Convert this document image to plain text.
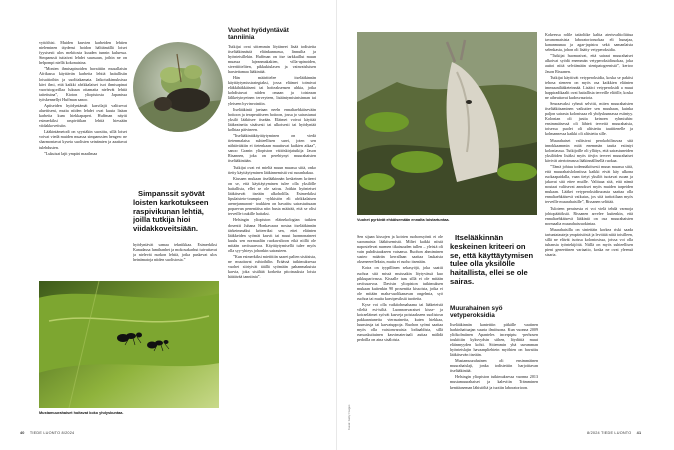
vyttöihisi. Muiden kasvien karheiden lehtien nieleminen täydensi hoidon hälttämällä loiset fyysisesti ulos mekitosta kuuden tunnin kuluessa. Simpanssit tuttaivat lehdet suussaan, joihin ne on helpompi niellä kokonaisina.

”Monien ihmisapinoiden havaittiin musallaisin Afrikassa käyttävän karheita lehtiä haitallisiin loisaitioihin ja suolitakamata. Jatkotutkimuksissa kävi ilmi, että kaikki afrikkalaiset isot ihmisapinat vuoristogorillaa lukuun ottamatta nielevät lehtiä taitettuina”, Kioton yliopistosta Japanissa työskennellyt Huffman sanoo.

Aptiseiden hyödyntämät kasvilajit valitsevat aluettiseni, mutta niiden lehdet ovat kuuta lisäan karheita kum hiekkapaperi. Huffman näytti esimerkiksi raspivitikan lehtiä hiessään viidakkoveitsiin.

Lääkintämetodi on syystäkin suosittu, sillä loiset voivat viedä muiden muassa simpanssien hengen: ne sharmontavat kyseia suolisten seinämien ja aaattavat tulehdusten.

”Lukuisat lajit ympäri maailmaa

Simpanssit syövät loisten karkotukseen raspivikunan lehtiä, joilla tutkija hioi viidakkoveitsiään.

hyödyntävät samaa tekniikkaa. Esimerkiksi Kanadassa lumihanhet ja mokosakarhut tuivuttavat ja nielevät nurkon lehtiä, jotka puskevat ulos heinämatoja niiden suolistosta.”

Vuohet hyödyntävät tanniinia

Tutkijat ovat sittemmin löytäneet lisää todisteita itselääkinnästä eläinkunnassa, linnuilta ja hyönteisillekin. Huffman on itse tarkkaillut muun muassa lajeanmakakien, villa-apinoiden, sivertiitteliten, pikkukiulasen ja vainvaisluisen harstettamaa lääkintää.

Hän määrittelee itselääkinnän käyttäytymisstrategiaksi, jossa eläimet toimivat eläkkihäkkäiseni tai hoiteaksensen uhkia, jotka kohdistuvat niiden omaan ja toisteaan läliketyinyeinen terveyteen, lisääntymisintsinnan tai yleiseen hyvinvointiin.

Itselääkintä jaetaan neeln ennaltaehkäisevään hoitoon ja terapeuttiseen hoitoon, jossa jo sairastunut yksilö lääkitsee itseään. Eläimet voivat käyttää lääkeaineita sisäisesti tai ulkoisesti tai hyödyntää kolhtaa päivineen.

”Itselääkintäkäyttäytyminen on viedä tietenmalaisa suhteellisen sarei, joten sen nähtäväätiin ei tietenkaan muuttuvat kaikien aikaa”, sanoo Granin yliopiston väitöskirjatutkija Jason Risannen, joka on perehtynyt muurahaisten itselääkintään.

Tutkijat ovat eri mieltä muun muassa siitä, onko tietty käyttäytyminen lääkinnemistä vai ruoanhakua.

Kiusaen mukaan itselääkinnän keskeinen kriteeri on se, että käyttäytyminen tulee olla yksilölle haitallista, ellei se ole sairas. Joitkin hyönteiset lääkitsevät itseään alkoholilla. Esimerkiksi lipulaisteto-toumpia -ryhkistön eli afrikkalaisen arenejannaroni- toukkien on havaittu sairastuttuaan popaevan penentäisa niin busta määrää, että se olisi terveille toukille haitaksi.

Helsingin yliopiston eläinekologian tutkien dosentti Juhana Honkavaara nostaa itselääkinnän tärkeimmäksi kriteeriksi sen, ettei eläinten lääkkeiden syömät kasvit tai muut luonnonaineet kuulu sen normaaliin ruokavalioon eikä niillä ole mitään ravitsuarvoa. Käyttäytymisellä tulee myös olla syy-yhteys johonkin sairauteen.

”Kun esimerkiksi mietittiin saaret palien sisäisista, ne muuttavat ruhtoihilin. Eräässä tutkimuksessa vuohet siirtyivät täällä syömään pahanmakuista karvia, joka sisältää korkeita pitoisuuksia loisia häätävää tanniinia”.

Mustamuurahaiset hoitavat koko yhdyskuntaa.
40 TIEDE LUONTO 8/2024
Vuohet pyrkivät ehkäisemään ennalta loistartuntaa.
Kuvat: Getty Images

Sen sijaan kissojen ja koirien ruohonsyönti ei ole suoranaista lääkitsemistä. Miltei kaikki niistä napostelevat nurmen tikaisuuden tullen – yleistä oli vain puhdistaakseen vatsansa. Ruohon ahmiminen susteo määrän kerrallaan saattaa laukaista okseneerefleksin, mutta ei ruoho itsenään.

Koira on tyypillinen sekasyöjä, joka saattii ruohoa sitä missä muissakin löytyvässä kuo pikkuparivassa. Kissalle taas sillä ei ole mitään ravitsuarvoa. Davisin yliopiston tutkimuksen mukaan kuitenkin 90 prosenttia kissoista, jotka ei ole mitään maha-suolikanavan ongelmia, syö ruohoa tai muita kasvipesiksiä tuotteita.

Kyse voi olla vaiktiohmahaana tai lääketeistä vileltä esi-isiltä. Luonnonvaraiset kisse- ja koiraeläimet syövät kasveja poistaakseen suolistosn pakkaantuneita vierasaineita, kuten hiekkaa, luunsiruja tai karvatuppoja. Ruohon syömi saattaa myös olla vaistonvaraista lodtaablista, sillä runsaskuituinen kasvimateriaali auttaa mälidä pedoilla on aina sisäloisia.

Itselääkinnän keskeinen kriteeri on se, että käyttäytymisen tulee olla yksilölle haitallista, ellei se ole sairas.

Muurahainen syö vetyperoksidia

Itselääkinnän kantettiin pitkälle vaatinen harkinhattuajan suurta ilmiöuona. Kun vuonna 2009 yliökolmiinen Apanteles incerpiptu -perhosen toukittiin kyksvydsin siihen, löydittiä muut eläinmyyden kohti. Sittemmin yhä useamman hyönteislajin havaanpliehtein myöhien on havaittu lääkitsevän itseään.

Mustamuurahainen oli ensimmäinen muurahaislaji, jonka todistettiin harjoittavan itselääkintää.

Helsingin yliopiston tutkimuksessa vuonna 2013 mustamuurahaiset ja kalevitin Trämminen kenttäaseman lähistöltä ja tuotiin laboratorioon.

Kokeessa rolile tatäoltike kaltta aterisvaltioliittua tavanomaisista laboratorioruokaa eli hunajaa, kananmunaa ja agar-japistru sekä samanlaista selenkasta, johon oli lisätty vetyperoksidia.

”Tutkijat huomasivat, että sairaat muurahaiset alkoivat syödä enemmän vetyperoksidiruokaa, joka auttoi niitä selviämään sienipatogeenistä”, kertoo Jason Rissanen.

Tutkijat käyttivät vetyperoksidia, koska se pakitsi tehosa sieneen on myös osa kaikkien eläinten immuunilääketeinnää. Lisääci vetyperoksidi a muut happiradikaalit ovat haitallisia terveille eliöille, koska ne aiheuttavat kudosvauriota.

Seuraavaksi ryhmä selvitti, miten muurahaisten itselääkitsaminen vaikuttee sen muuhaan, kuinka paljon sairasta kolonissaa eli yhdyskunnassa esiintyy. Kolonian oli justta keinoen ryhmiuhin: ensimmäisessä oli lähteä terveitä muurahaisia, toisessa puolet oli altistettu tautitienelle ja kolmannessa kaikki oli altistettu sille.

Muurahaiset valitsivat perokobilisuvaa sitä innokkaammin mitä enemmän tautia esiintyi koloniasssa. Tutkijoille oli yllätys, että sairastuneiden yksilöiden lisäksi myös tövjin terveet muurahaiset kävivät aterioimassa lääkinnällisellä ruokaa.

”Tämä johtuu todennäköisesti muun muassa siitä, että muurahaisloloniissa kaikki eivät käy ulkona ruokaapaidalla, vaan tietyt yksilöt tuotavat ruoan ja jakavat sitä ettee muille. Valituaa sitä, että nämä noutaat valitsevat annokset myös muiden tarpeiden mukaan. Lääkei vetyperoksidiruoasta saattaa olla ennaltaehkäisevä vaikutus, jos sitä tarttotilaan myös terveille muurahaisille”, Rissanen selittää.

Tuloteen peraisesta ei voi vielä tehdä varmoja johtopäätöksiä. Rissanen arvelee kuitenkin, että ennaltaehkäisevä lääkintä on osa muurahaisten normaalia muurahaisruokintaa.

Muurahaisilla on siniettäin korkea riski saada tartuntatauteja ympäristöstä ja levittää niitä toisilleen, sillä ne elävät isoissa koloniosissa, joissa voi olla tuhansia työntekijöitä. Niillä on myös suhteellisen pieni geneettinen variaatio, koska ne ovat yleensä sisaria.

8/2024 TIEDE LUONTO 41
